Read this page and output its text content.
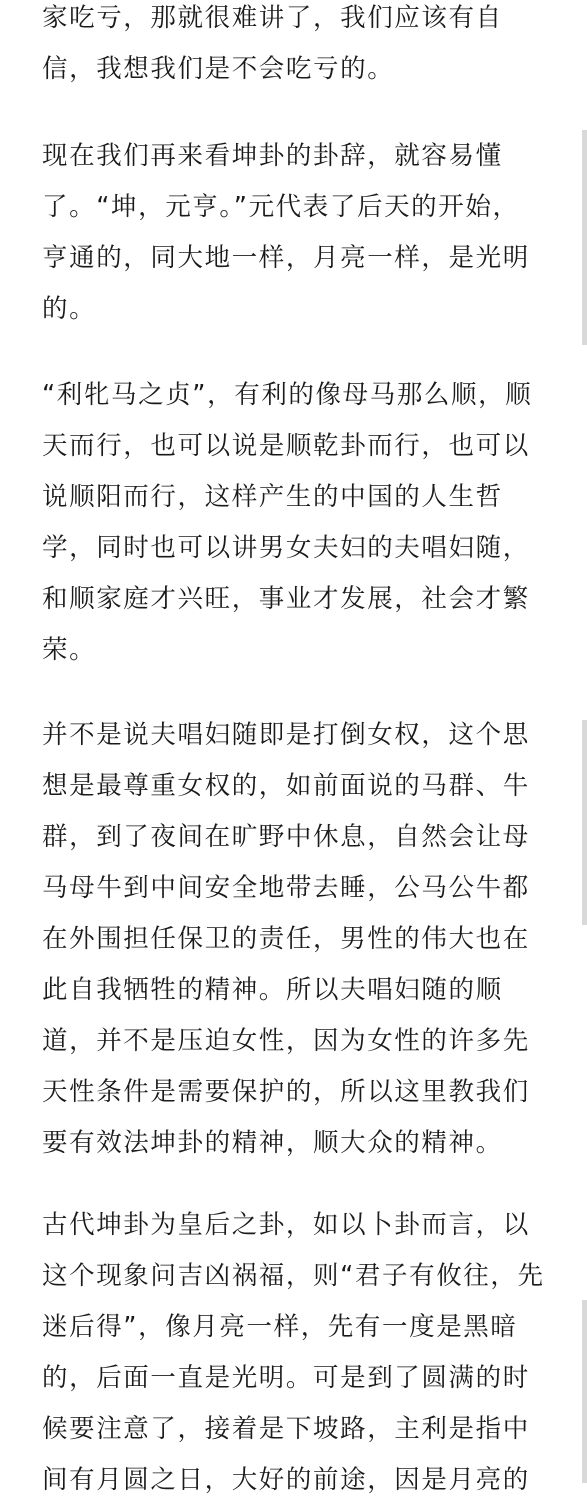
家吃亏，那就很难讲了，我们应该有自
信，我想我们是不会吃亏的。

现在我们再来看坤卦的卦辞，就容易懂
了。“坤，元亨。”元代表了后天的开始，
亨通的，同大地一样，月亮一样，是光明
的。

“利牝马之贞”，有利的像母马那么顺，顺
天而行，也可以说是顺乾卦而行，也可以
说顺阳而行，这样产生的中国的人生哲
学，同时也可以讲男女夫妇的夫唱妇随，
和顺家庭才兴旺，事业才发展，社会才繁
荣。

并不是说夫唱妇随即是打倒女权，这个思
想是最尊重女权的，如前面说的马群、牛
群，到了夜间在旷野中休息，自然会让母
马母牛到中间安全地带去睡，公马公牛都
在外围担任保卫的责任，男性的伟大也在
此自我牺牲的精神。所以夫唱妇随的顺
道，并不是压迫女性，因为女性的许多先
天性条件是需要保护的，所以这里教我们
要有效法坤卦的精神，顺大众的精神。

古代坤卦为皇后之卦，如以卜卦而言，以
这个现象问吉凶祸福，则“君子有攸往，先
迷后得”，像月亮一样，先有一度是黑暗
的，后面一直是光明。可是到了圆满的时
候要注意了，接着是下坡路，主利是指中
间有月圆之日，大好的前途，因是月亮的
